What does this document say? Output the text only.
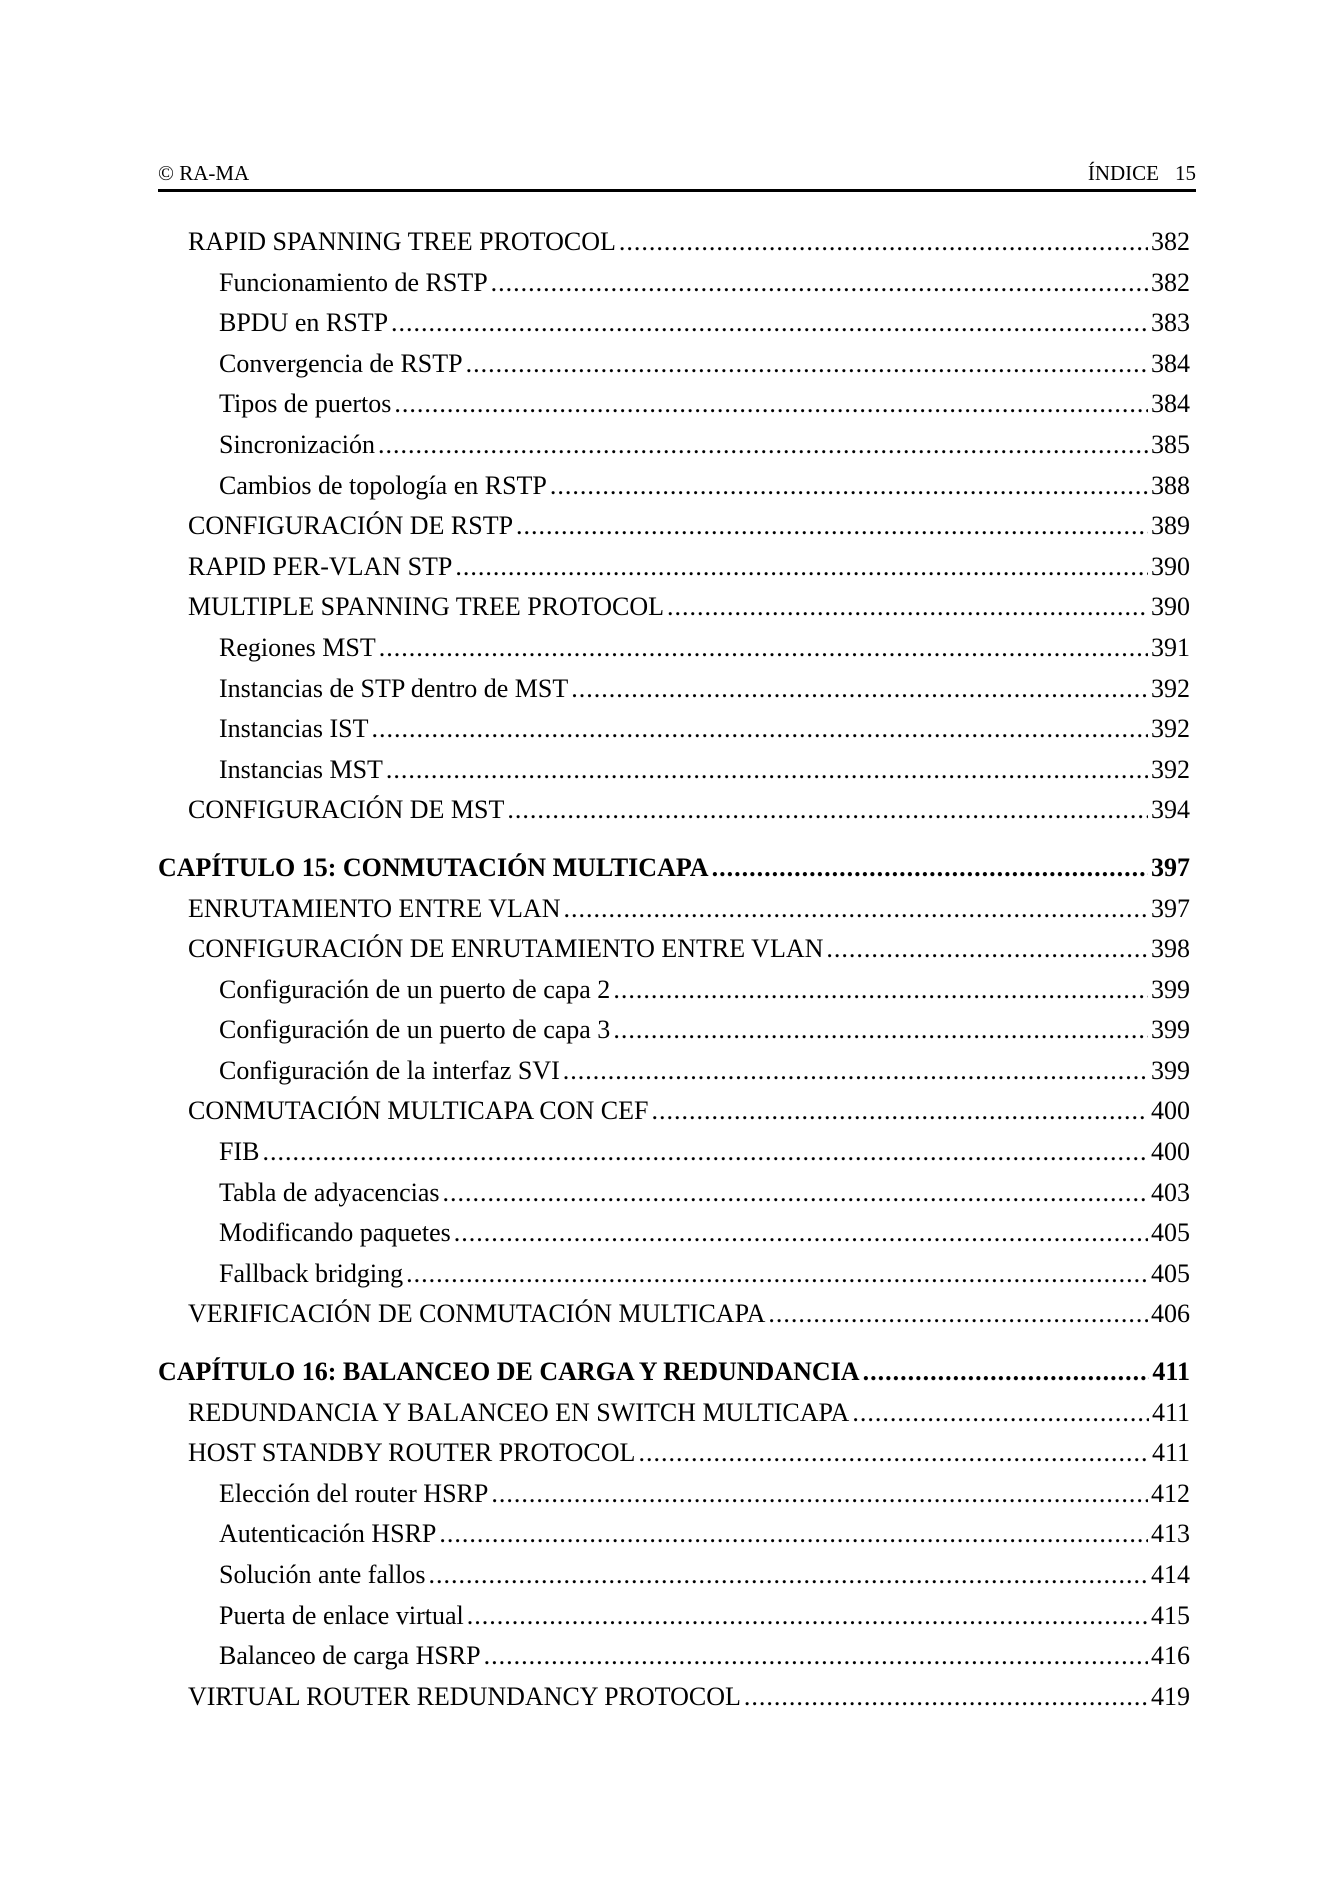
© RA-MA	ÍNDICE 15
RAPID SPANNING TREE PROTOCOL .....	382
Funcionamiento de RSTP .....	382
BPDU en RSTP .....	383
Convergencia de RSTP .....	384
Tipos de puertos .....	384
Sincronización .....	385
Cambios de topología en RSTP .....	388
CONFIGURACIÓN DE RSTP .....	389
RAPID PER-VLAN STP .....	390
MULTIPLE SPANNING TREE PROTOCOL .....	390
Regiones MST .....	391
Instancias de STP dentro de MST .....	392
Instancias IST .....	392
Instancias MST .....	392
CONFIGURACIÓN DE MST .....	394
CAPÍTULO 15: CONMUTACIÓN MULTICAPA .....	397
ENRUTAMIENTO ENTRE VLAN .....	397
CONFIGURACIÓN DE ENRUTAMIENTO ENTRE VLAN .....	398
Configuración de un puerto de capa 2 .....	399
Configuración de un puerto de capa 3 .....	399
Configuración de la interfaz SVI .....	399
CONMUTACIÓN MULTICAPA CON CEF .....	400
FIB .....	400
Tabla de adyacencias .....	403
Modificando paquetes .....	405
Fallback bridging .....	405
VERIFICACIÓN DE CONMUTACIÓN MULTICAPA .....	406
CAPÍTULO 16: BALANCEO DE CARGA Y REDUNDANCIA .....	411
REDUNDANCIA Y BALANCEO EN SWITCH MULTICAPA .....	411
HOST STANDBY ROUTER PROTOCOL .....	411
Elección del router HSRP .....	412
Autenticación HSRP .....	413
Solución ante fallos .....	414
Puerta de enlace virtual .....	415
Balanceo de carga HSRP .....	416
VIRTUAL ROUTER REDUNDANCY PROTOCOL .....	419
